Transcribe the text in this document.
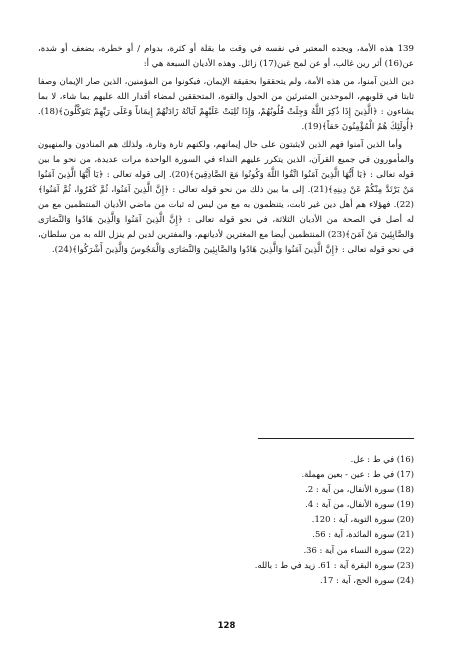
139 هذه الأمة، ويجده المعتبر في نفسه في وقت ما بقلة أو كثرة، بدوام / أو خطرة، بضعف أو شدة، عن(16) أثر رين غالب، أو عن لمح غين(17) زائل. وهذه الأديان السبعة هي أ:

دين الذين آمنوا، من هذه الأمة، ولم يتحققوا بحقيقة الإيمان، فيكونوا من المؤمنين، الذين صار الإيمان وصفا ثابتا في قلوبهم، الموحدين المتبرئين من الحول والقوة، المتحققين لمضاء أقدار الله عليهم بما شاء، لا بما يشاءون : ﴿الَّذِينَ إِذَا ذُكِرَ اللَّهُ وَجِلَتْ قُلُوبُهُمْ، وَإِذَا تُلِيَتْ عَلَيْهِمْ آيَاتُهُ زَادَتْهُمْ إِيمَاناً وَعَلَى رَبِّهِمْ يَتَوَكَّلُونَ﴾(18). ﴿أُولَئِكَ هُمُ الْمُؤْمِنُونَ حَقاً﴾(19).

وأما الذين آمنوا فهم الذين لايثبتون على حال إيمانهم، ولكنهم تارة وتارة، ولذلك هم المنادون والمنهيون والمأمورون في جميع القرآن، الذين يتكرر عليهم النداء في السورة الواحدة مرات عديدة، من نحو ما بين قوله تعالى : ﴿يَا أَيُّهَا الَّذِينَ آمَنُوا اتَّقُوا اللَّهَ وَكُونُوا مَعَ الصَّادِقِينَ﴾(20). إلى قوله تعالى : ﴿يَا أَيُّهَا الَّذِينَ آمَنُوا مَنْ يَرْتَدَّ مِنْكُمْ عَنْ دِينِهِ﴾(21). إلى ما بين ذلك من نحو قوله تعالى : ﴿إِنَّ الَّذِينَ آمَنُوا، ثُمَّ كَفَرُوا، ثُمَّ آمَنُوا﴾(22). فهؤلاء هم أهل دين غير ثابت، يتنظمون به مع من ليس له ثبات من ماضي الأديان المنتظمين مع من له أصل في الصحة من الأديان الثلاثة، في نحو قوله تعالى : ﴿إِنَّ الَّذِينَ آمَنُوا وَالَّذِينَ هَادُوا وَالنَّصَارَى وَالصَّابِئِينَ مَنْ آمَنَ﴾(23) المنتظمين أيضا مع المغترين لأديانهم، والمفترين لدين لم ينزل الله به من سلطان، في نحو قوله تعالى : ﴿إِنَّ الَّذِينَ آمَنُوا وَالَّذِينَ هَادُوا وَالصَّابِئِينَ وَالنَّصَارَى وَالْمَجُوسَ وَالَّذِينَ أَشْرَكُوا﴾(24).

(16) في ط : عل.
(17) في ط : عين - بعين مهملة.
(18) سورة الأنفال، من آية : 2.
(19) سورة الأنفال، من آية : 4.
(20) سورة التوبة، آية : 120.
(21) سورة المائدة، آية : 56.
(22) سورة النساء من آية : 36.
(23) سورة البقرة آية : 61. زيد في ط : بالله.
(24) سورة الحج، آية : 17.
128
